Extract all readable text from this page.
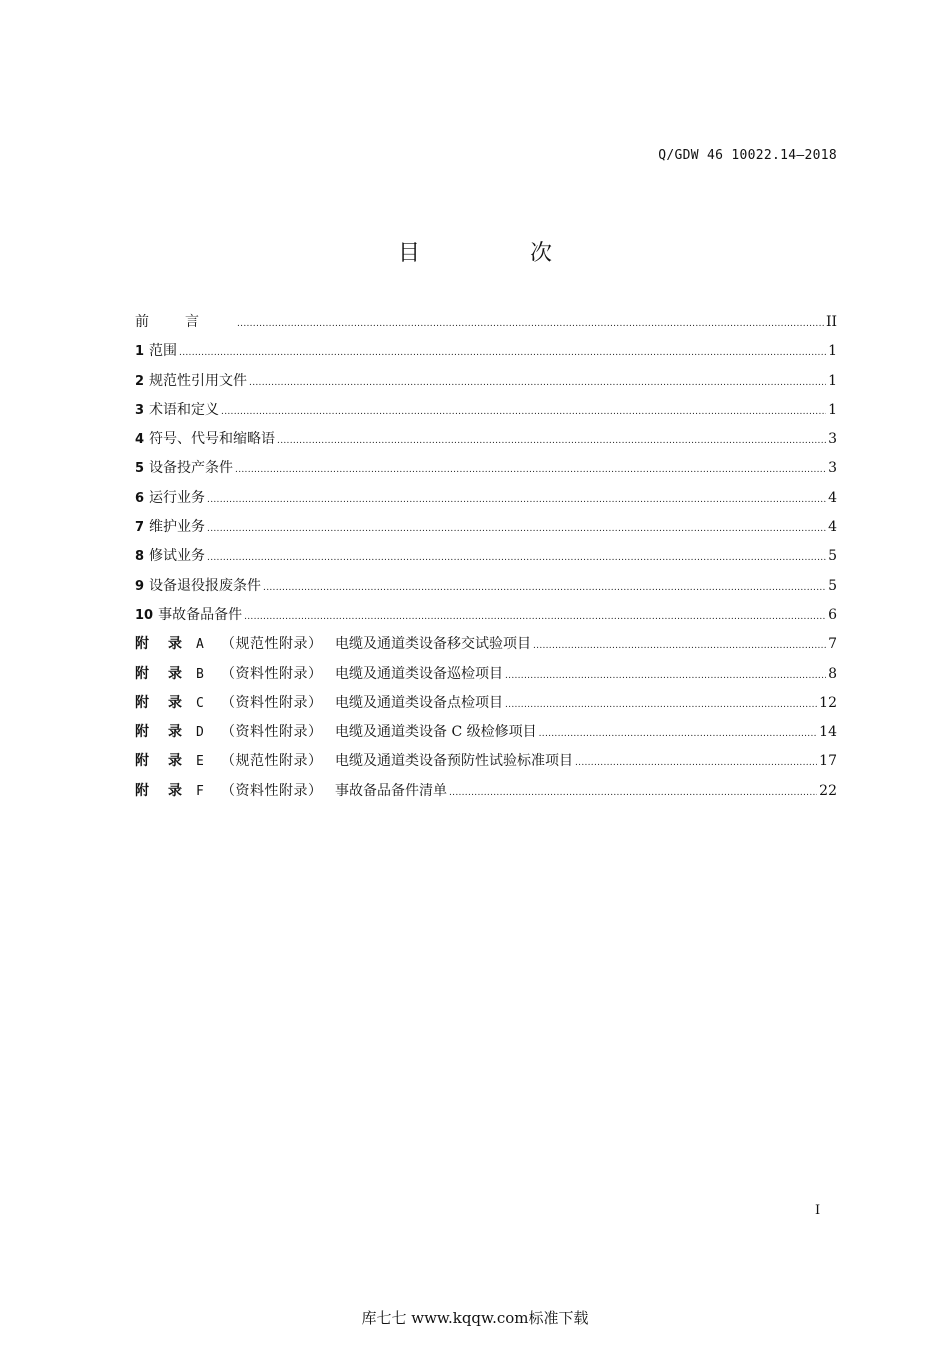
Q/GDW 46 10022.14—2018
目　次
前言 .....	II
1 范围 .....	1
2 规范性引用文件 .....	1
3 术语和定义 .....	1
4 符号、代号和缩略语 .....	3
5 设备投产条件 .....	3
6 运行业务 .....	4
7 维护业务 .....	4
8 修试业务 .....	5
9 设备退役报废条件 .....	5
10 事故备品备件 .....	6
附 录 A	（规范性附录） 电缆及通道类设备移交试验项目 .....	7
附 录 B	（资料性附录） 电缆及通道类设备巡检项目 .....	8
附 录 C	（资料性附录） 电缆及通道类设备点检项目 .....	12
附 录 D	（资料性附录） 电缆及通道类设备 C 级检修项目 .....	14
附 录 E	（规范性附录） 电缆及通道类设备预防性试验标准项目 .....	17
附 录 F	（资料性附录） 事故备品备件清单 .....	22
I
库七七 www.kqqw.com标准下载
